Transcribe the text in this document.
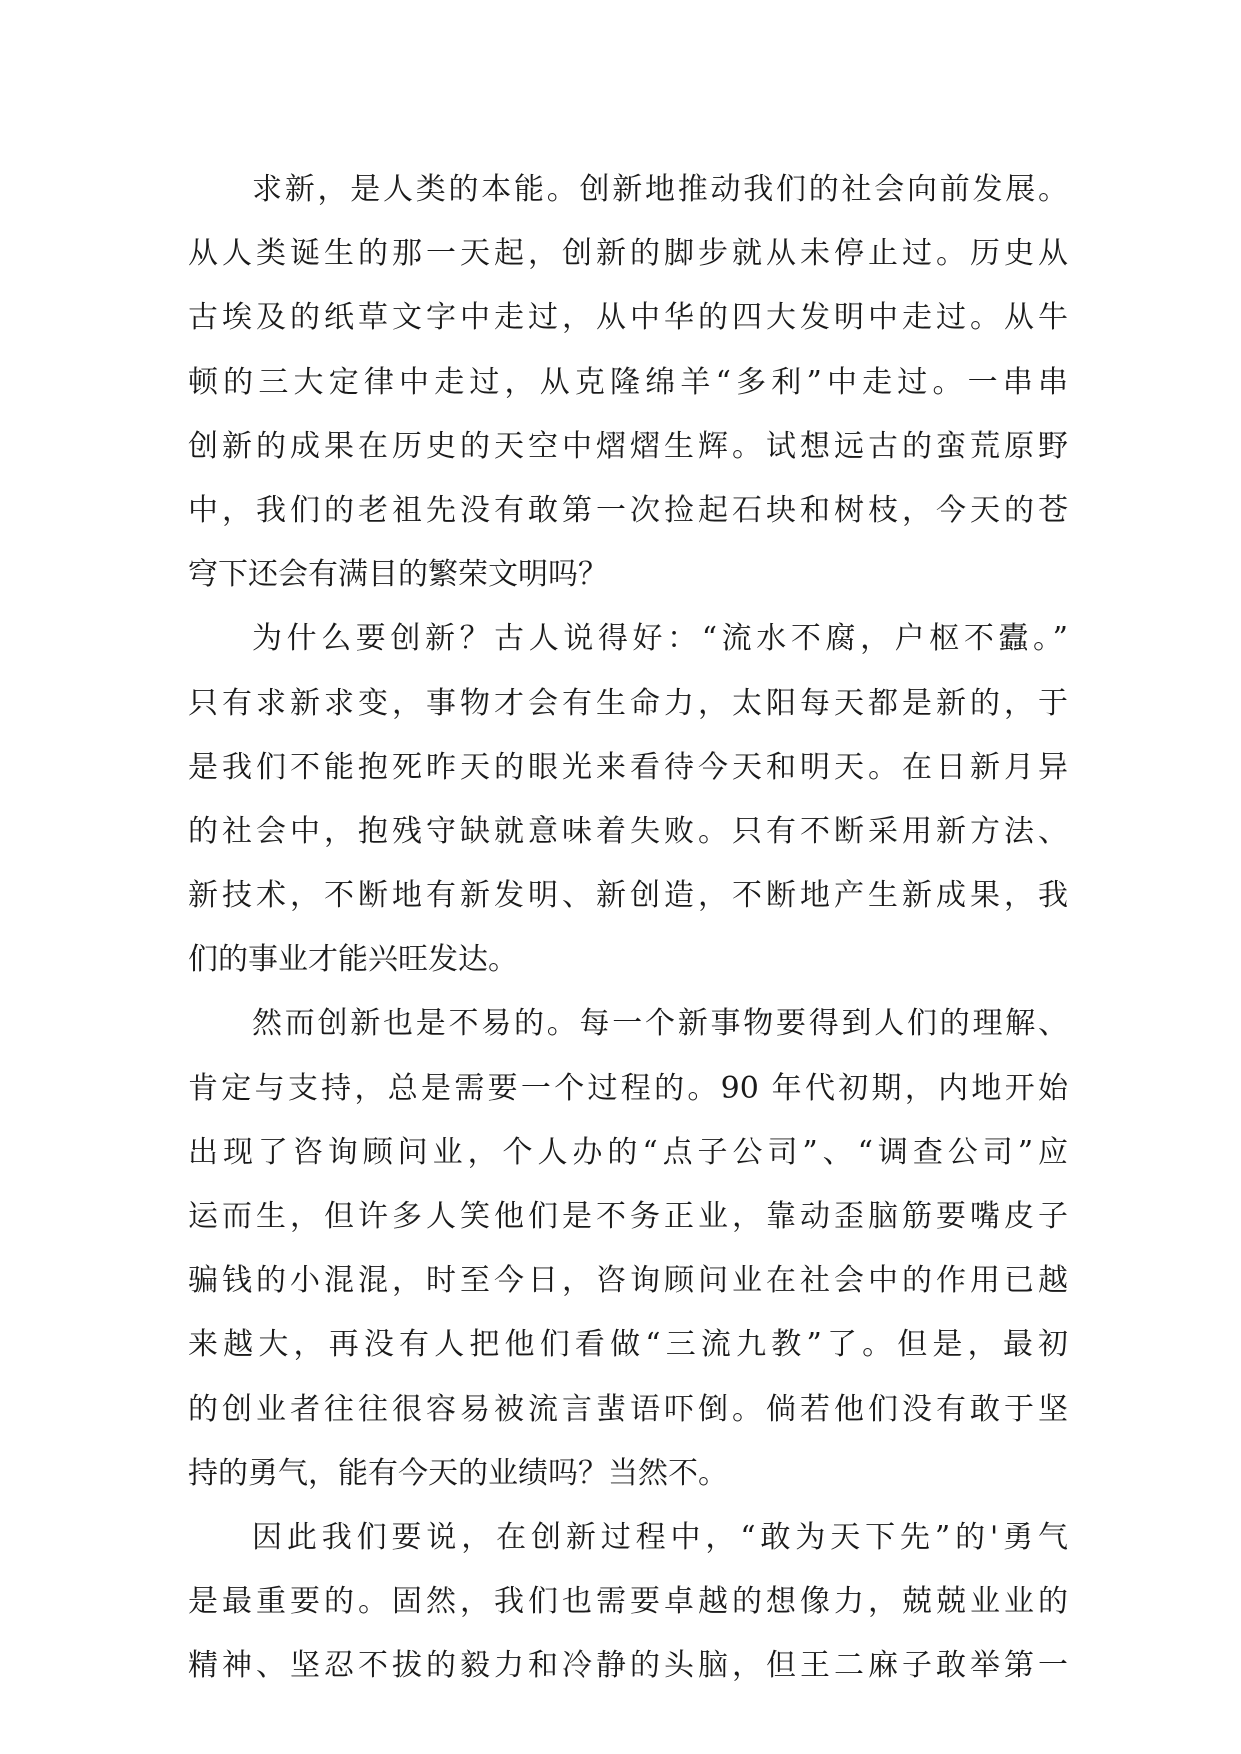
求新，是人类的本能。创新地推动我们的社会向前发展。
从人类诞生的那一天起，创新的脚步就从未停止过。历史从
古埃及的纸草文字中走过，从中华的四大发明中走过。从牛
顿的三大定律中走过，从克隆绵羊“多利”中走过。一串串
创新的成果在历史的天空中熠熠生辉。试想远古的蛮荒原野
中，我们的老祖先没有敢第一次捡起石块和树枝，今天的苍
穹下还会有满目的繁荣文明吗？
为什么要创新？古人说得好：“流水不腐，户枢不蠹。”
只有求新求变，事物才会有生命力，太阳每天都是新的，于
是我们不能抱死昨天的眼光来看待今天和明天。在日新月异
的社会中，抱残守缺就意味着失败。只有不断采用新方法、
新技术，不断地有新发明、新创造，不断地产生新成果，我
们的事业才能兴旺发达。
然而创新也是不易的。每一个新事物要得到人们的理解、
肯定与支持，总是需要一个过程的。90 年代初期，内地开始
出现了咨询顾问业，个人办的“点子公司”、“调查公司”应
运而生，但许多人笑他们是不务正业，靠动歪脑筋要嘴皮子
骗钱的小混混，时至今日，咨询顾问业在社会中的作用已越
来越大，再没有人把他们看做“三流九教”了。但是，最初
的创业者往往很容易被流言蜚语吓倒。倘若他们没有敢于坚
持的勇气，能有今天的业绩吗？当然不。
因此我们要说，在创新过程中，“敢为天下先”的'勇气
是最重要的。固然，我们也需要卓越的想像力，兢兢业业的
精神、坚忍不拔的毅力和冷静的头脑，但王二麻子敢举第一
